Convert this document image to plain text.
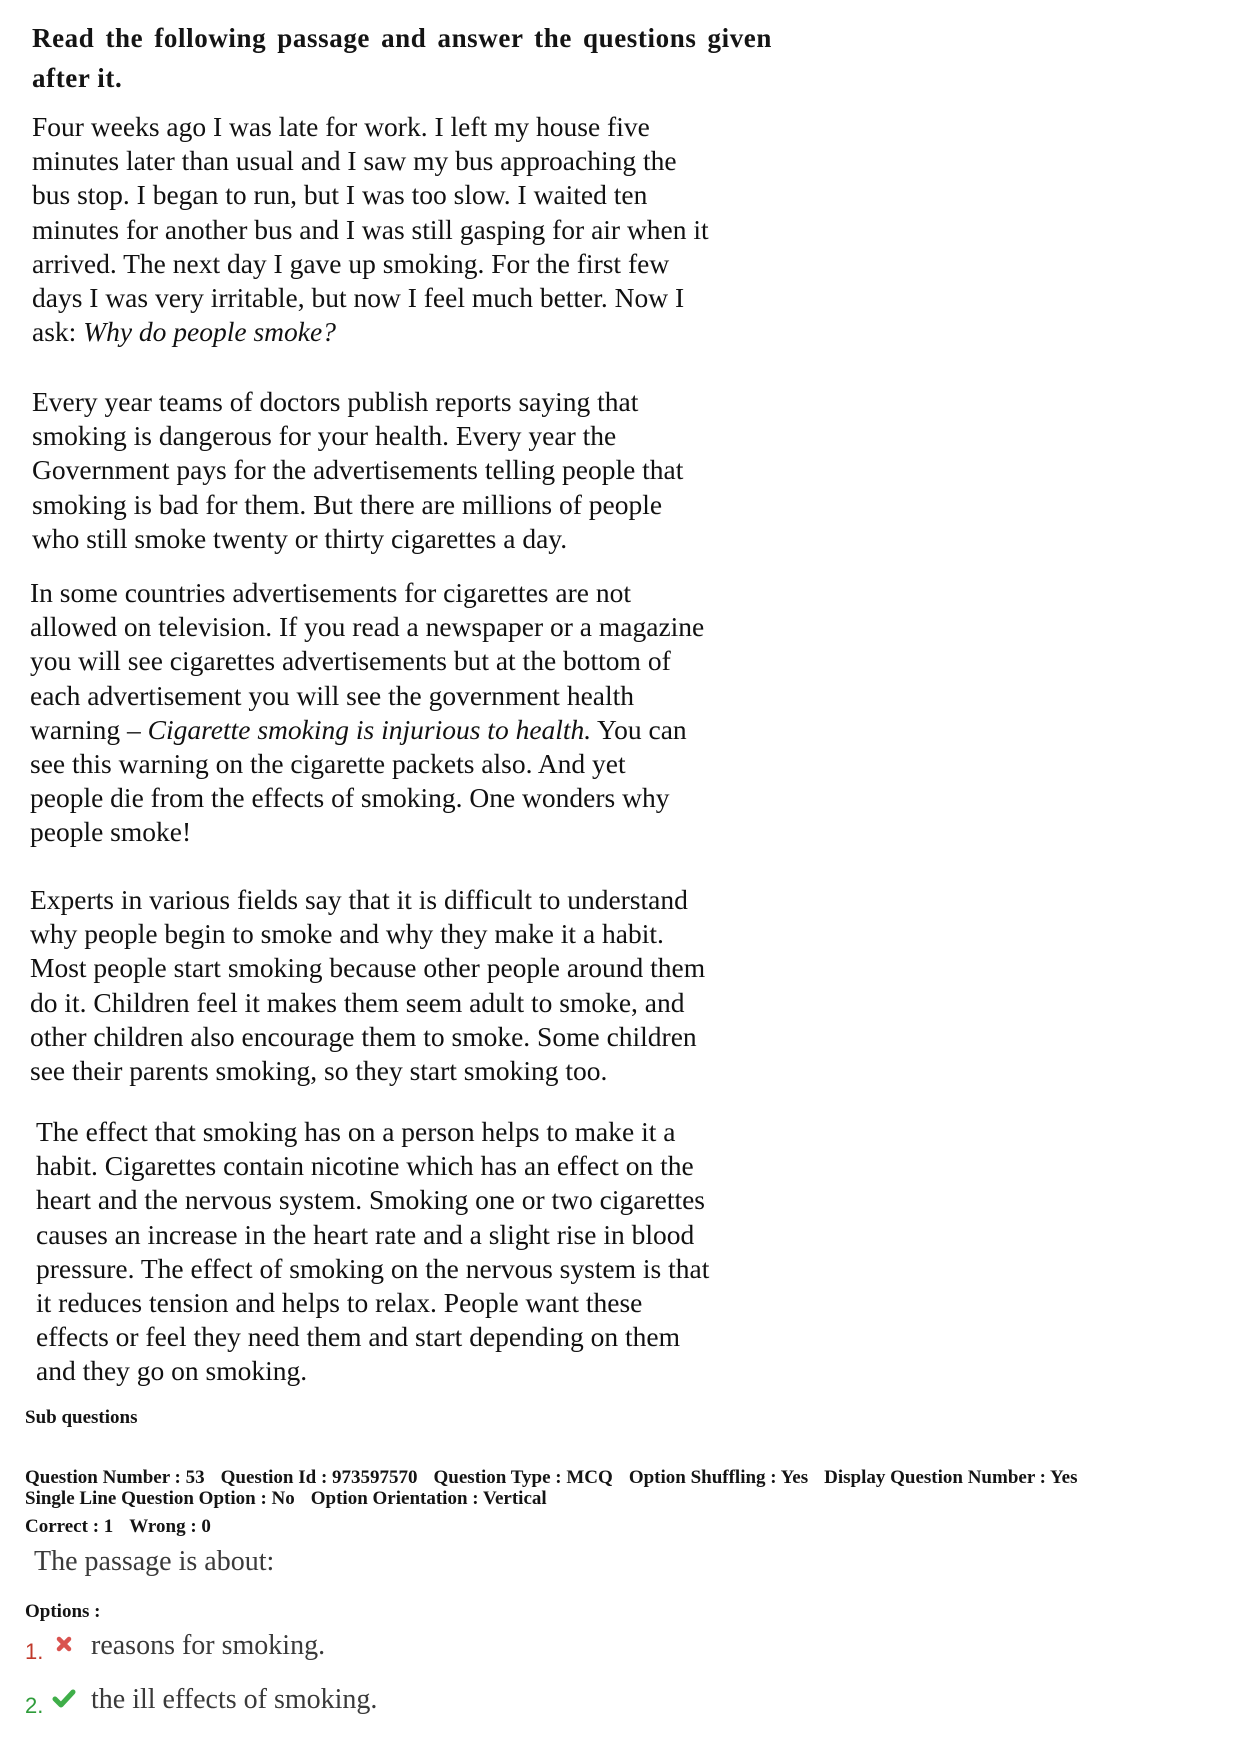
Read the following passage and answer the questions given after it.

Four weeks ago I was late for work. I left my house five
minutes later than usual and I saw my bus approaching the
bus stop. I began to run, but I was too slow. I waited ten
minutes for another bus and I was still gasping for air when it
arrived. The next day I gave up smoking. For the first few
days I was very irritable, but now I feel much better. Now I
ask: Why do people smoke?

Every year teams of doctors publish reports saying that
smoking is dangerous for your health. Every year the
Government pays for the advertisements telling people that
smoking is bad for them. But there are millions of people
who still smoke twenty or thirty cigarettes a day.

In some countries advertisements for cigarettes are not
allowed on television. If you read a newspaper or a magazine
you will see cigarettes advertisements but at the bottom of
each advertisement you will see the government health
warning – Cigarette smoking is injurious to health. You can
see this warning on the cigarette packets also. And yet
people die from the effects of smoking. One wonders why
people smoke!

Experts in various fields say that it is difficult to understand
why people begin to smoke and why they make it a habit.
Most people start smoking because other people around them
do it. Children feel it makes them seem adult to smoke, and
other children also encourage them to smoke. Some children
see their parents smoking, so they start smoking too.

The effect that smoking has on a person helps to make it a
habit. Cigarettes contain nicotine which has an effect on the
heart and the nervous system. Smoking one or two cigarettes
causes an increase in the heart rate and a slight rise in blood
pressure. The effect of smoking on the nervous system is that
it reduces tension and helps to relax. People want these
effects or feel they need them and start depending on them
and they go on smoking.

Sub questions
Question Number : 53 Question Id : 973597570 Question Type : MCQ Option Shuffling : Yes Display Question Number : Yes
Single Line Question Option : No Option Orientation : Vertical
Correct : 1 Wrong : 0
The passage is about:
Options :
1. reasons for smoking.
2. the ill effects of smoking.
